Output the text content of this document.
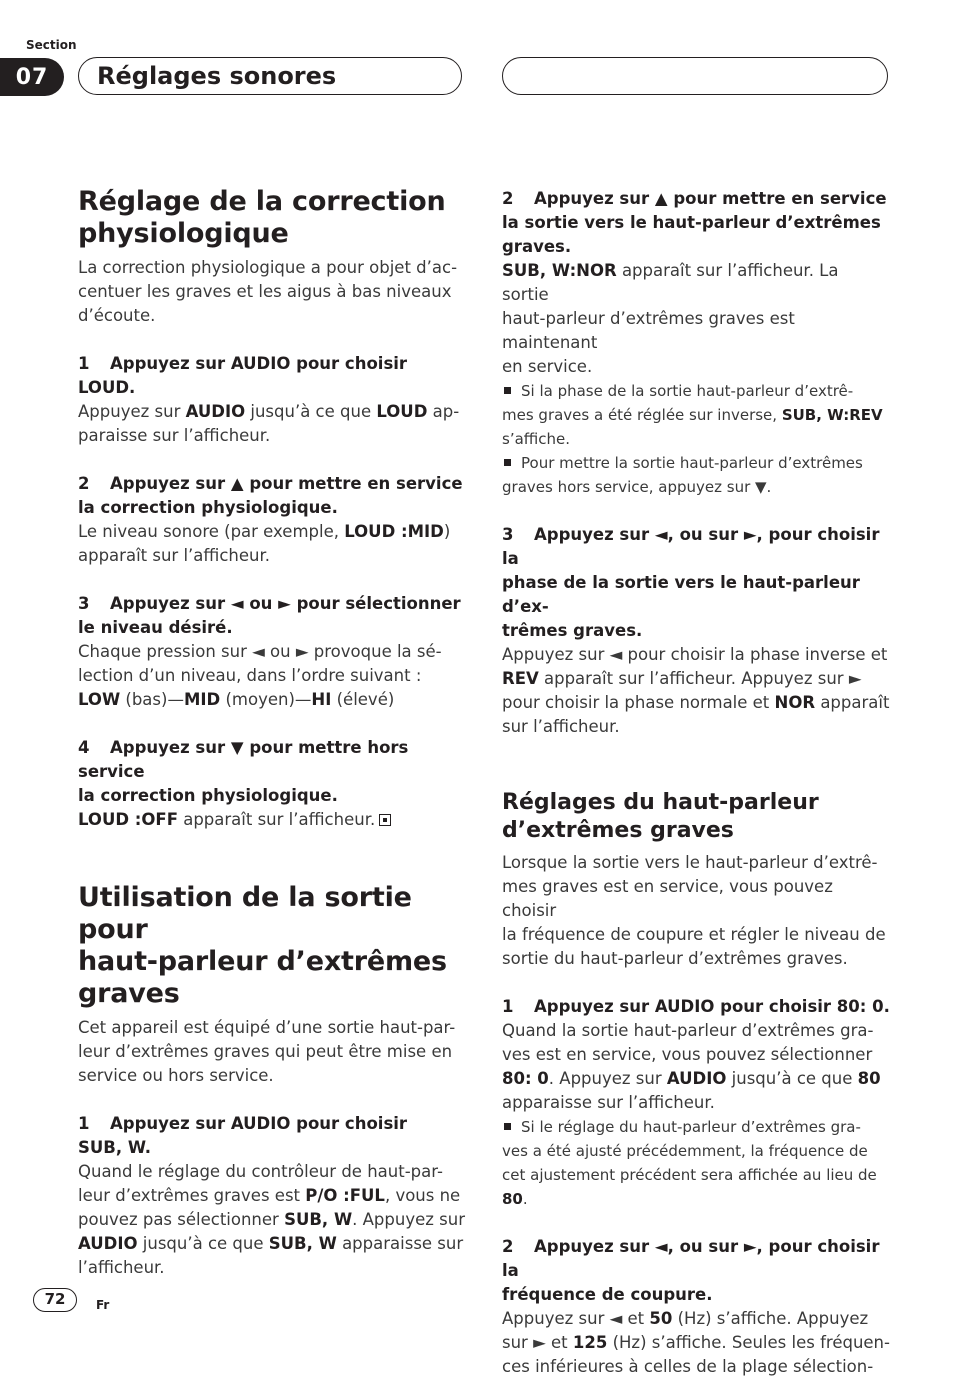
Section
07	Réglages sonores
Réglage de la correction
physiologique

La correction physiologique a pour objet d’ac-

centuer les graves et les aigus à bas niveaux

d’écoute.

1 Appuyez sur AUDIO pour choisir LOUD.

Appuyez sur AUDIO jusqu’à ce que LOUD ap-

paraisse sur l’afficheur.

2 Appuyez sur ▲ pour mettre en service

la correction physiologique.

Le niveau sonore (par exemple, LOUD :MID)

apparaît sur l’afficheur.

3 Appuyez sur ◄ ou ► pour sélectionner

le niveau désiré.

Chaque pression sur ◄ ou ► provoque la sé-

lection d’un niveau, dans l’ordre suivant :

LOW (bas)—MID (moyen)—HI (élevé)

4 Appuyez sur ▼ pour mettre hors service

la correction physiologique.

LOUD :OFF apparaît sur l’afficheur.

Utilisation de la sortie pour
haut-parleur d’extrêmes
graves

Cet appareil est équipé d’une sortie haut-par-

leur d’extrêmes graves qui peut être mise en

service ou hors service.

1 Appuyez sur AUDIO pour choisir

SUB, W.

Quand le réglage du contrôleur de haut-par-

leur d’extrêmes graves est P/O :FUL, vous ne

pouvez pas sélectionner SUB, W. Appuyez sur

AUDIO jusqu’à ce que SUB, W apparaisse sur

l’afficheur.

2 Appuyez sur ▲ pour mettre en service

la sortie vers le haut-parleur d’extrêmes

graves.

SUB, W:NOR apparaît sur l’afficheur. La sortie

haut-parleur d’extrêmes graves est maintenant

en service.

Si la phase de la sortie haut-parleur d’extrê-

mes graves a été réglée sur inverse, SUB, W:REV

s’affiche.

Pour mettre la sortie haut-parleur d’extrêmes

graves hors service, appuyez sur ▼.

3 Appuyez sur ◄, ou sur ►, pour choisir la

phase de la sortie vers le haut-parleur d’ex-

trêmes graves.

Appuyez sur ◄ pour choisir la phase inverse et

REV apparaît sur l’afficheur. Appuyez sur ►

pour choisir la phase normale et NOR apparaît

sur l’afficheur.

Réglages du haut-parleur
d’extrêmes graves

Lorsque la sortie vers le haut-parleur d’extrê-

mes graves est en service, vous pouvez choisir

la fréquence de coupure et régler le niveau de

sortie du haut-parleur d’extrêmes graves.

1 Appuyez sur AUDIO pour choisir 80: 0.

Quand la sortie haut-parleur d’extrêmes gra-

ves est en service, vous pouvez sélectionner

80: 0. Appuyez sur AUDIO jusqu’à ce que 80

apparaisse sur l’afficheur.

Si le réglage du haut-parleur d’extrêmes gra-

ves a été ajusté précédemment, la fréquence de

cet ajustement précédent sera affichée au lieu de

80.

2 Appuyez sur ◄, ou sur ►, pour choisir la

fréquence de coupure.

Appuyez sur ◄ et 50 (Hz) s’affiche. Appuyez

sur ► et 125 (Hz) s’affiche. Seules les fréquen-

ces inférieures à celles de la plage sélection-

72	Fr
